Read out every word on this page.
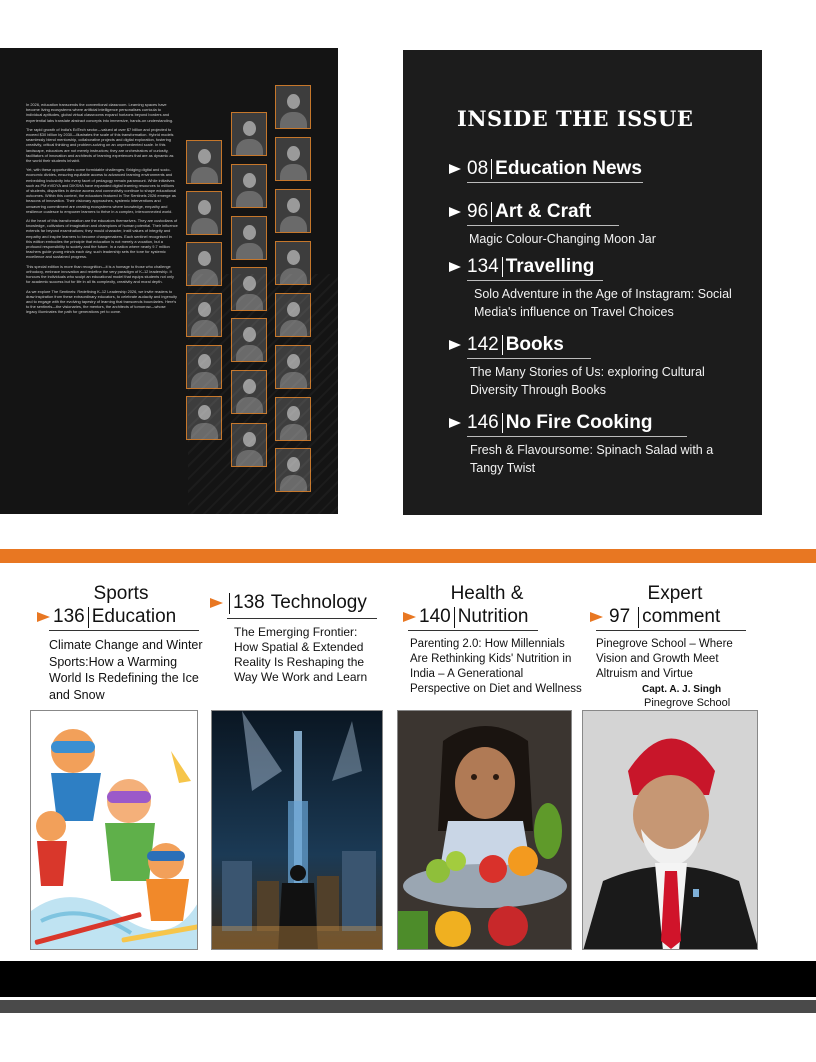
In 2026, education transcends the conventional classroom. Learning spaces have become living ecosystems where artificial intelligence personalises curricula to individual aptitudes, global virtual classrooms expand horizons beyond borders and experiential labs translate abstract concepts into immersive, hands-on understanding.

The rapid growth of India's EdTech sector—valued at over $7 billion and projected to exceed $30 billion by 2030—illustrates the scale of this transformation. Hybrid models seamlessly blend mentorship, collaborative projects and digital exploration, fostering creativity, critical thinking and problem-solving on an unprecedented scale. In this landscape, educators are not merely instructors; they are orchestrators of curiosity, facilitators of innovation and architects of learning experiences that are as dynamic as the world their students inhabit.

Yet, with these opportunities come formidable challenges. Bridging digital and socio-economic divides, ensuring equitable access to advanced learning environments and embedding inclusivity into every facet of pedagogy remain paramount. While initiatives such as PM eVIDYA and DIKSHA have expanded digital learning resources to millions of students, disparities in device access and connectivity continue to shape educational outcomes. Within this context, the educators featured in The Sentinels 2026 emerge as beacons of innovation. Their visionary approaches, systemic interventions and unwavering commitment are creating ecosystems where knowledge, empathy and resilience coalesce to empower learners to thrive in a complex, interconnected world.

At the heart of this transformation are the educators themselves. They are custodians of knowledge, cultivators of imagination and champions of human potential. Their influence extends far beyond examinations; they mould character, instil values of integrity and empathy and inspire learners to become changemakers. Each sentinel recognised in this edition embodies the principle that education is not merely a vocation, but a profound responsibility to society and the future. In a nation where nearly 9.7 million teachers guide young minds each day, such leadership sets the tone for systemic excellence and sustained progress.

This special edition is more than recognition—it is a homage to those who challenge orthodoxy, embrace innovation and redefine the very paradigm of K–12 leadership. It honours the individuals who sculpt an educational model that equips students not only for academic success but for life in all its complexity, creativity and moral depth.

As we explore The Sentinels: Redefining K–12 Leadership 2026, we invite readers to draw inspiration from these extraordinary educators, to celebrate audacity and ingenuity and to engage with the evolving tapestry of learning that transcends boundaries. Here's to the sentinels—the visionaries, the mentors, the architects of tomorrow—whose legacy illuminates the path for generations yet to come.

INSIDE THE ISSUE
08 Education News
96 Art & Craft
Magic Colour-Changing Moon Jar
134 Travelling
Solo Adventure in the Age of Instagram: Social Media's influence on Travel Choices
142 Books
The Many Stories of Us: exploring Cultural Diversity Through Books
146 No Fire Cooking
Fresh & Flavoursome: Spinach Salad with a Tangy Twist
Sports
136 Education
Climate Change and Winter Sports:How a Warming World Is Redefining the Ice and Snow
138 Technology
The Emerging Frontier: How Spatial & Extended Reality Is Reshaping the Way We Work and Learn
Health &
140 Nutrition
Parenting 2.0: How Millennials Are Rethinking Kids' Nutrition in India – A Generational Perspective on Diet and Wellness
Expert
97 comment
Pinegrove School – Where Vision and Growth Meet Altruism and Virtue
Capt. A. J. Singh
Pinegrove School
